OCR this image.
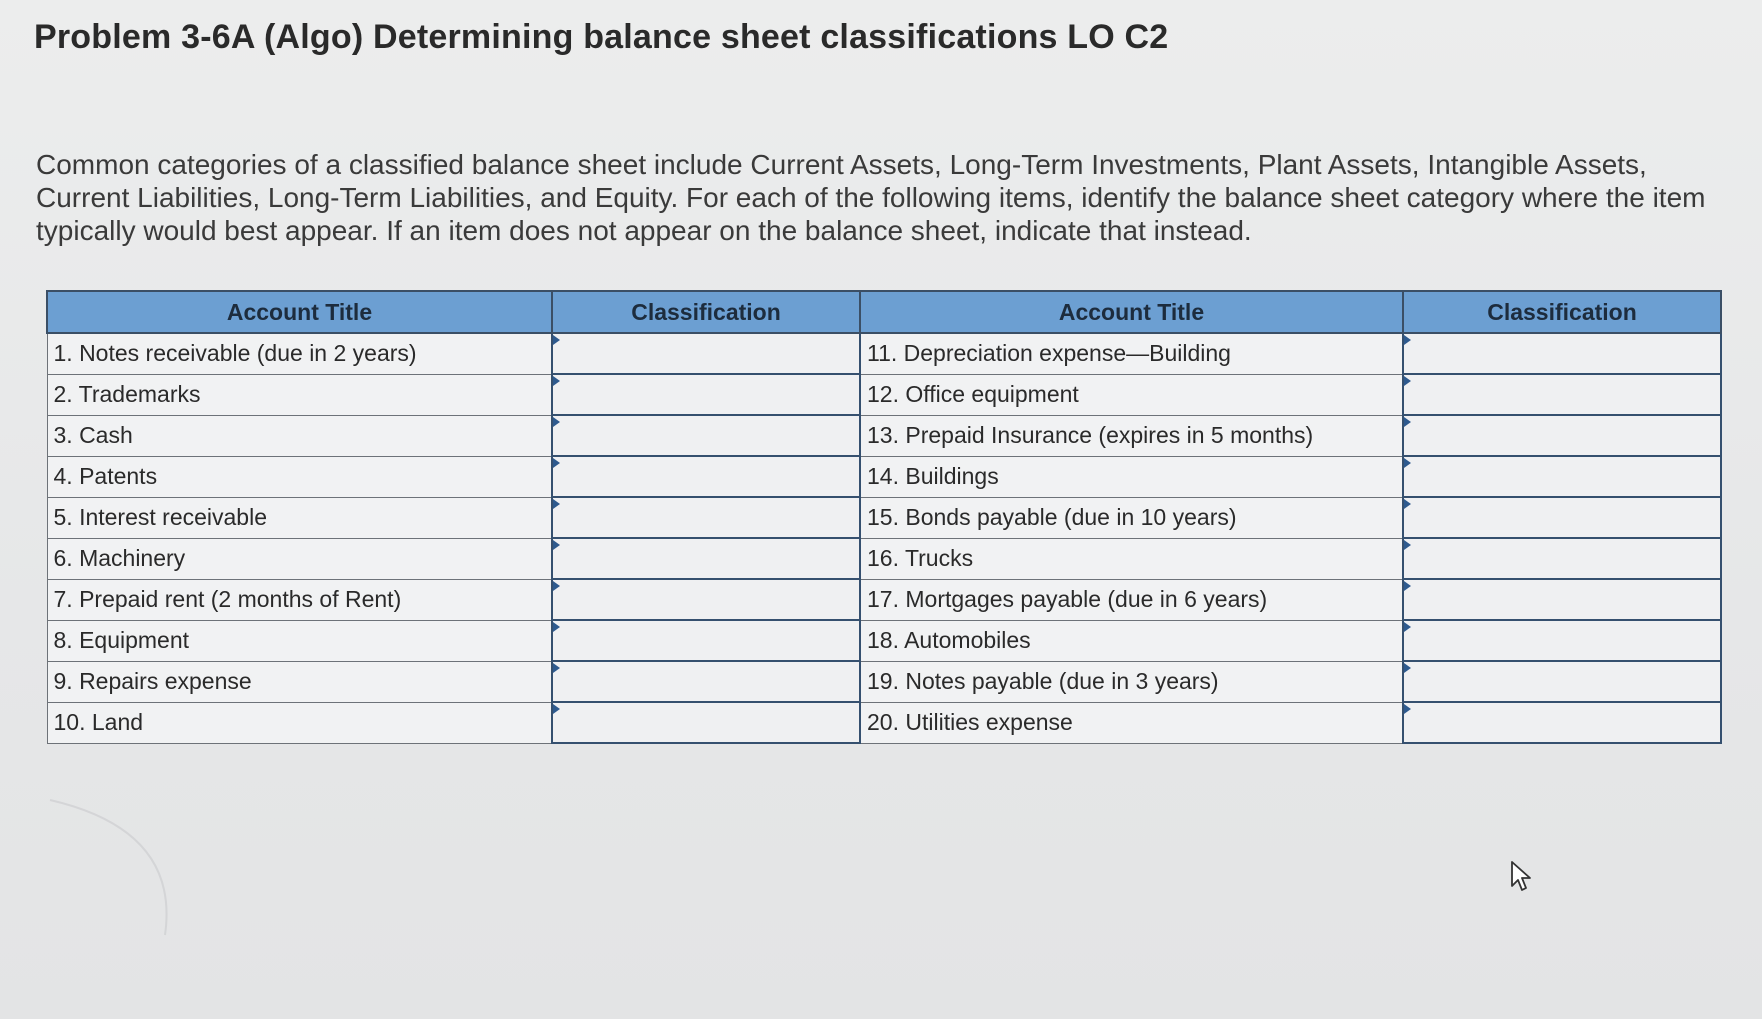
Problem 3-6A (Algo) Determining balance sheet classifications LO C2

Common categories of a classified balance sheet include Current Assets, Long-Term Investments, Plant Assets, Intangible Assets, Current Liabilities, Long-Term Liabilities, and Equity. For each of the following items, identify the balance sheet category where the item typically would best appear. If an item does not appear on the balance sheet, indicate that instead.

Account Title	Classification	Account Title	Classification
1. Notes receivable (due in 2 years)		11. Depreciation expense—Building	
2. Trademarks		12. Office equipment	
3. Cash		13. Prepaid Insurance (expires in 5 months)	
4. Patents		14. Buildings	
5. Interest receivable		15. Bonds payable (due in 10 years)	
6. Machinery		16. Trucks	
7. Prepaid rent (2 months of Rent)		17. Mortgages payable (due in 6 years)	
8. Equipment		18. Automobiles	
9. Repairs expense		19. Notes payable (due in 3 years)	
10. Land		20. Utilities expense	
